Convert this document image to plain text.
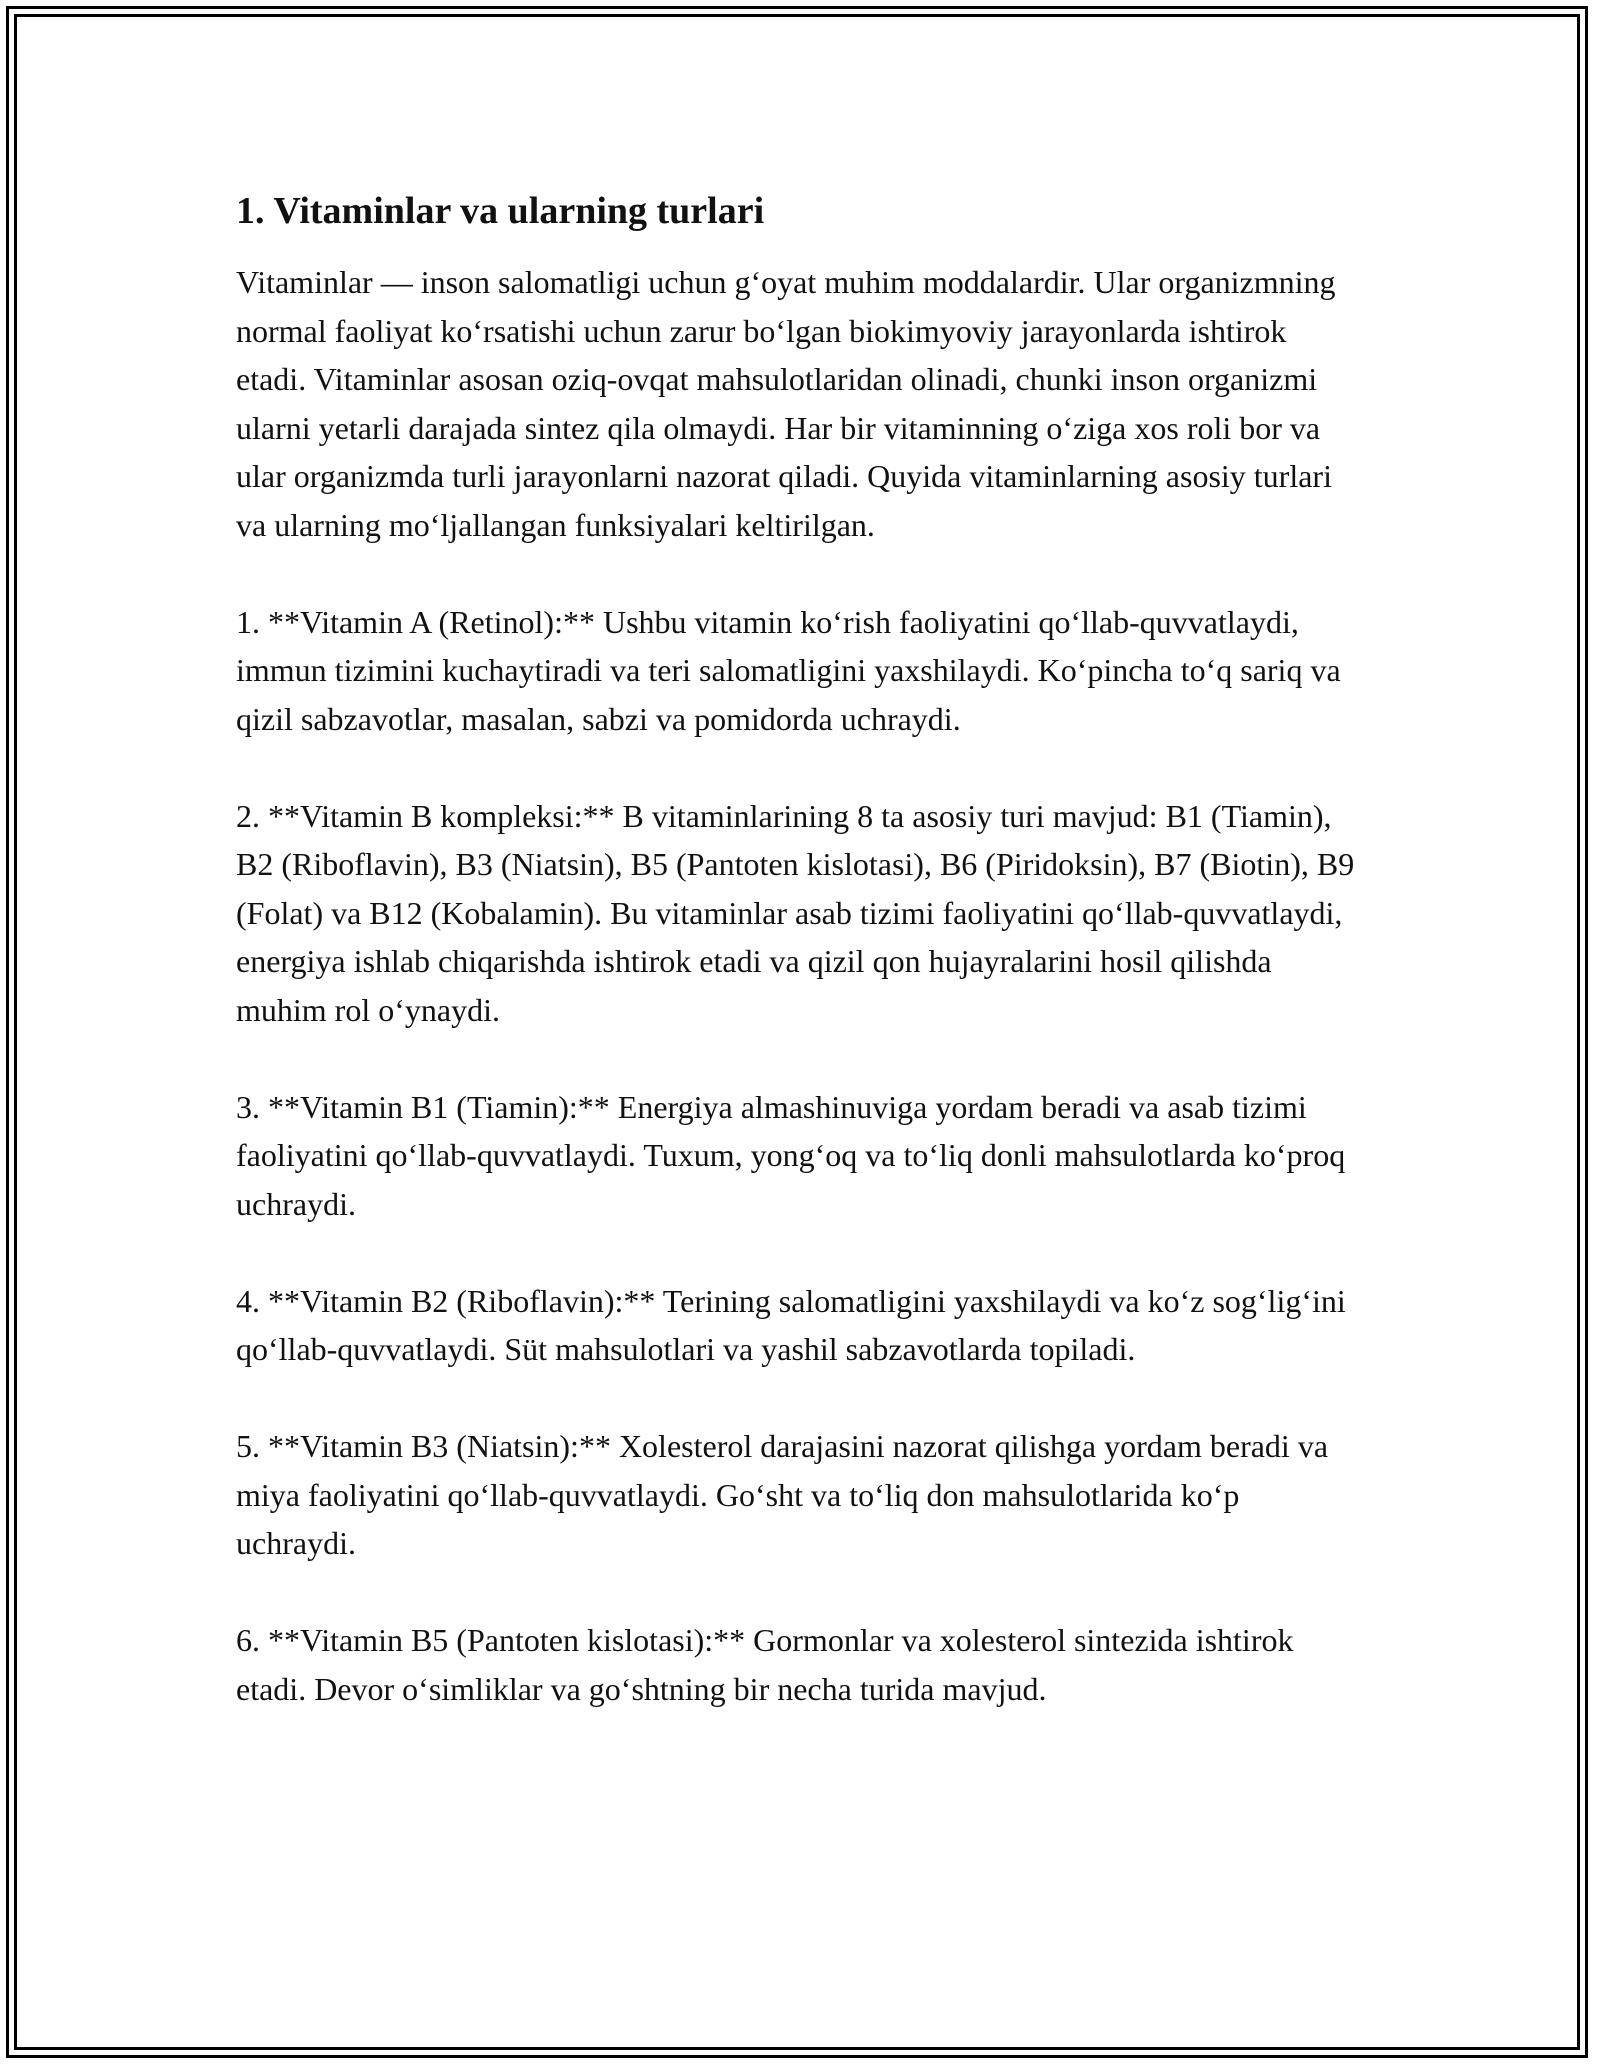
1. Vitaminlar va ularning turlari

Vitaminlar — inson salomatligi uchun gʻoyat muhim moddalardir. Ular organizmning normal faoliyat koʻrsatishi uchun zarur boʻlgan biokimyoviy jarayonlarda ishtirok etadi. Vitaminlar asosan oziq-ovqat mahsulotlaridan olinadi, chunki inson organizmi ularni yetarli darajada sintez qila olmaydi. Har bir vitaminning oʻziga xos roli bor va ular organizmda turli jarayonlarni nazorat qiladi. Quyida vitaminlarning asosiy turlari va ularning moʻljallangan funksiyalari keltirilgan.

1. **Vitamin A (Retinol):** Ushbu vitamin koʻrish faoliyatini qoʻllab-quvvatlaydi, immun tizimini kuchaytiradi va teri salomatligini yaxshilaydi. Koʻpincha toʻq sariq va qizil sabzavotlar, masalan, sabzi va pomidorda uchraydi.

2. **Vitamin B kompleksi:** B vitaminlarining 8 ta asosiy turi mavjud: B1 (Tiamin), B2 (Riboflavin), B3 (Niatsin), B5 (Pantoten kislotasi), B6 (Piridoksin), B7 (Biotin), B9 (Folat) va B12 (Kobalamin). Bu vitaminlar asab tizimi faoliyatini qoʻllab-quvvatlaydi, energiya ishlab chiqarishda ishtirok etadi va qizil qon hujayralarini hosil qilishda muhim rol oʻynaydi.

3. **Vitamin B1 (Tiamin):** Energiya almashinuviga yordam beradi va asab tizimi faoliyatini qoʻllab-quvvatlaydi. Tuxum, yongʻoq va toʻliq donli mahsulotlarda koʻproq uchraydi.

4. **Vitamin B2 (Riboflavin):** Terining salomatligini yaxshilaydi va koʻz sogʻligʻini qoʻllab-quvvatlaydi. Süt mahsulotlari va yashil sabzavotlarda topiladi.

5. **Vitamin B3 (Niatsin):** Xolesterol darajasini nazorat qilishga yordam beradi va miya faoliyatini qoʻllab-quvvatlaydi. Goʻsht va toʻliq don mahsulotlarida koʻp uchraydi.

6. **Vitamin B5 (Pantoten kislotasi):** Gormonlar va xolesterol sintezida ishtirok etadi. Devor oʻsimliklar va goʻshtning bir necha turida mavjud.
